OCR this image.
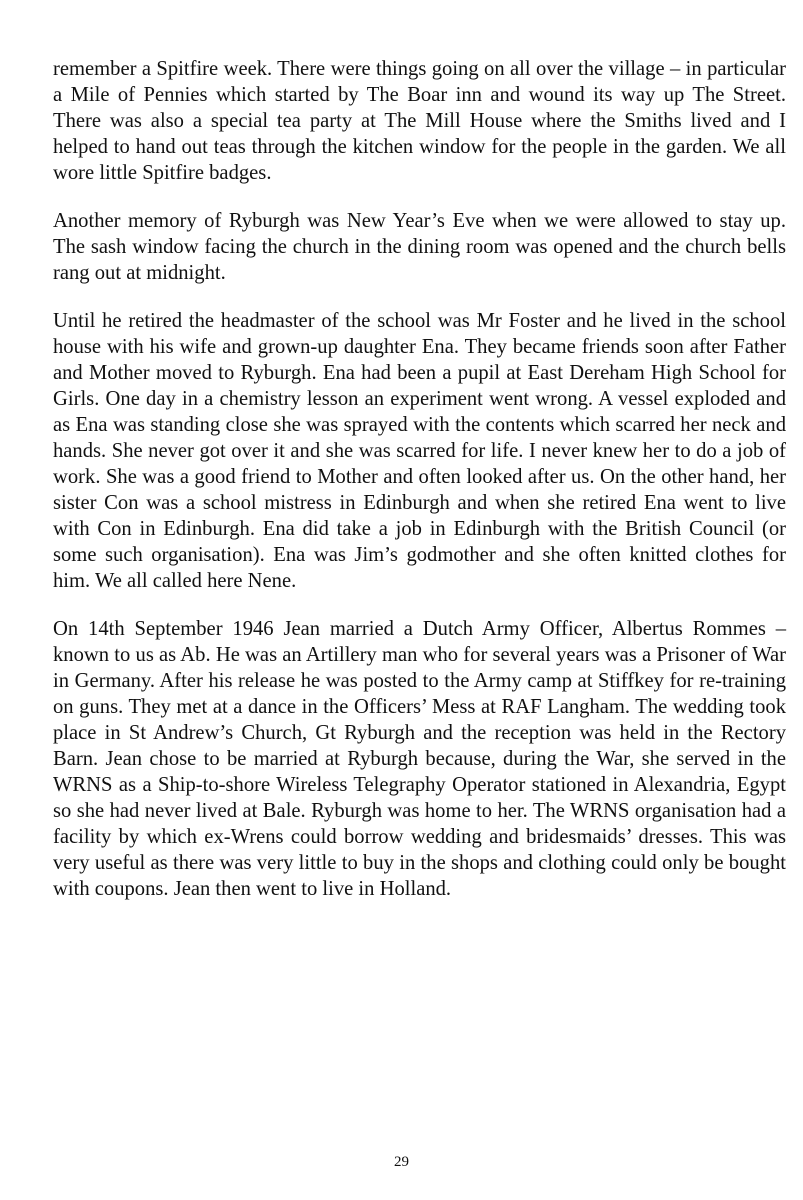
remember a Spitfire week. There were things going on all over the village – in particular a Mile of Pennies which started by The Boar inn and wound its way up The Street. There was also a special tea party at The Mill House where the Smiths lived and I helped to hand out teas through the kitchen window for the people in the garden. We all wore little Spitfire badges.

Another memory of Ryburgh was New Year’s Eve when we were allowed to stay up. The sash window facing the church in the dining room was opened and the church bells rang out at midnight.

Until he retired the headmaster of the school was Mr Foster and he lived in the school house with his wife and grown-up daughter Ena. They became friends soon after Father and Mother moved to Ryburgh. Ena had been a pupil at East Dereham High School for Girls. One day in a chemistry lesson an experiment went wrong. A vessel exploded and as Ena was standing close she was sprayed with the contents which scarred her neck and hands. She never got over it and she was scarred for life. I never knew her to do a job of work. She was a good friend to Mother and often looked after us. On the other hand, her sister Con was a school mistress in Edinburgh and when she retired Ena went to live with Con in Edinburgh. Ena did take a job in Edinburgh with the British Council (or some such organisation). Ena was Jim’s godmother and she often knitted clothes for him. We all called here Nene.

On 14th September 1946 Jean married a Dutch Army Officer, Albertus Rommes – known to us as Ab. He was an Artillery man who for several years was a Prisoner of War in Germany. After his release he was posted to the Army camp at Stiffkey for re-training on guns. They met at a dance in the Officers’ Mess at RAF Langham. The wedding took place in St Andrew’s Church, Gt Ryburgh and the reception was held in the Rectory Barn. Jean chose to be married at Ryburgh because, during the War, she served in the WRNS as a Ship-to-shore Wireless Telegraphy Operator stationed in Alexandria, Egypt so she had never lived at Bale. Ryburgh was home to her. The WRNS organisation had a facility by which ex-Wrens could borrow wedding and bridesmaids’ dresses. This was very useful as there was very little to buy in the shops and clothing could only be bought with coupons. Jean then went to live in Holland.

29
